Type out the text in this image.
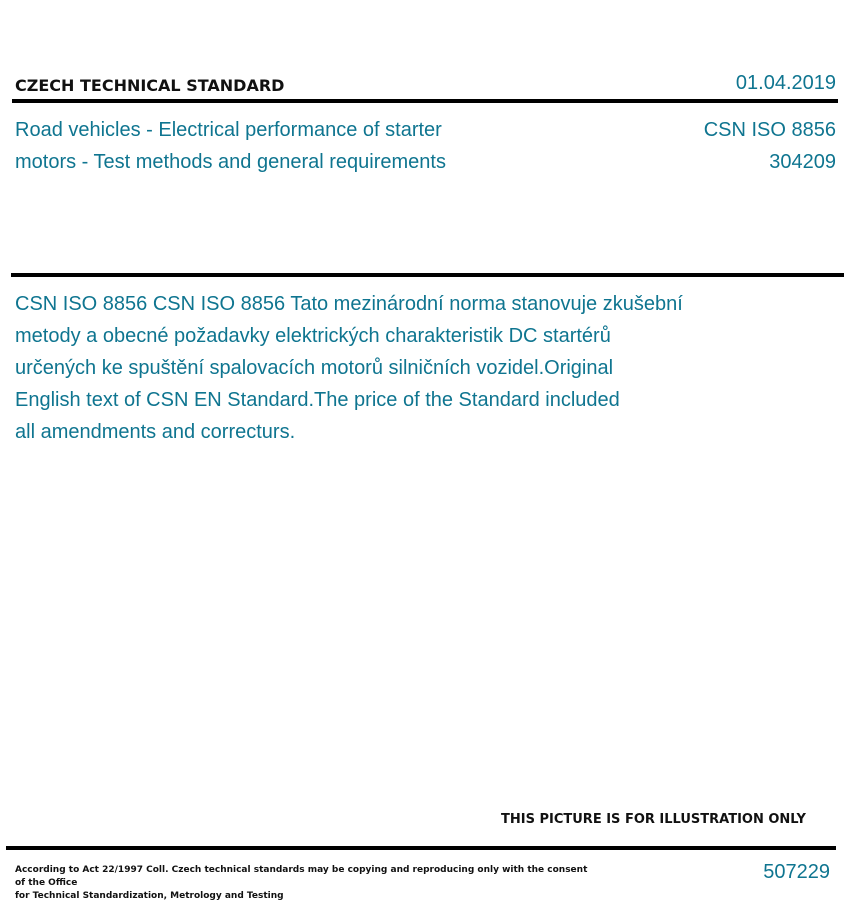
CZECH TECHNICAL STANDARD	01.04.2019
Road vehicles - Electrical performance of starter
motors - Test methods and general requirements
CSN ISO 8856
304209
CSN ISO 8856 CSN ISO 8856 Tato mezinárodní norma stanovuje zkušební
metody a obecné požadavky elektrických charakteristik DC startérů
určených ke spuštění spalovacích motorů silničních vozidel.Original
English text of CSN EN Standard.The price of the Standard included
all amendments and correcturs.
THIS PICTURE IS FOR ILLUSTRATION ONLY
According to Act 22/1997 Coll. Czech technical standards may be copying and reproducing only with the consent of the Office
for Technical Standardization, Metrology and Testing
507229
